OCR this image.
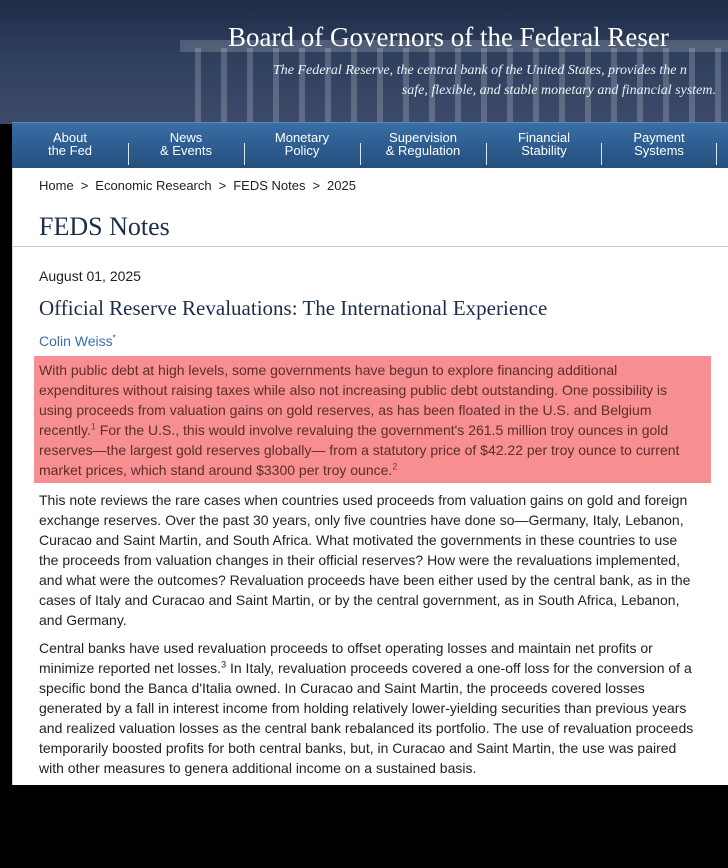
Board of Governors of the Federal Reser
The Federal Reserve, the central bank of the United States, provides the n
safe, flexible, and stable monetary and financial system.
About
the Fed
News
& Events
Monetary
Policy
Supervision
& Regulation
Financial
Stability
Payment
Systems
Home > Economic Research > FEDS Notes > 2025
FEDS Notes
August 01, 2025
Official Reserve Revaluations: The International Experience
Colin Weiss*
With public debt at high levels, some governments have begun to explore financing additional
expenditures without raising taxes while also not increasing public debt outstanding. One possibility is
using proceeds from valuation gains on gold reserves, as has been floated in the U.S. and Belgium
recently.$^1$ For the U.S., this would involve revaluing the government's 261.5 million troy ounces in gold
reserves—the largest gold reserves globally— from a statutory price of $42.22 per troy ounce to current
market prices, which stand around $3300 per troy ounce.$^2$
This note reviews the rare cases when countries used proceeds from valuation gains on gold and foreign
exchange reserves. Over the past 30 years, only five countries have done so—Germany, Italy, Lebanon,
Curacao and Saint Martin, and South Africa. What motivated the governments in these countries to use
the proceeds from valuation changes in their official reserves? How were the revaluations implemented,
and what were the outcomes? Revaluation proceeds have been either used by the central bank, as in the
cases of Italy and Curacao and Saint Martin, or by the central government, as in South Africa, Lebanon,
and Germany.
Central banks have used revaluation proceeds to offset operating losses and maintain net profits or
minimize reported net losses.$^3$ In Italy, revaluation proceeds covered a one-off loss for the conversion of a
specific bond the Banca d'Italia owned. In Curacao and Saint Martin, the proceeds covered losses
generated by a fall in interest income from holding relatively lower-yielding securities than previous years
and realized valuation losses as the central bank rebalanced its portfolio. The use of revaluation proceeds
temporarily boosted profits for both central banks, but, in Curacao and Saint Martin, the use was paired
with other measures to genera additional income on a sustained basis.
